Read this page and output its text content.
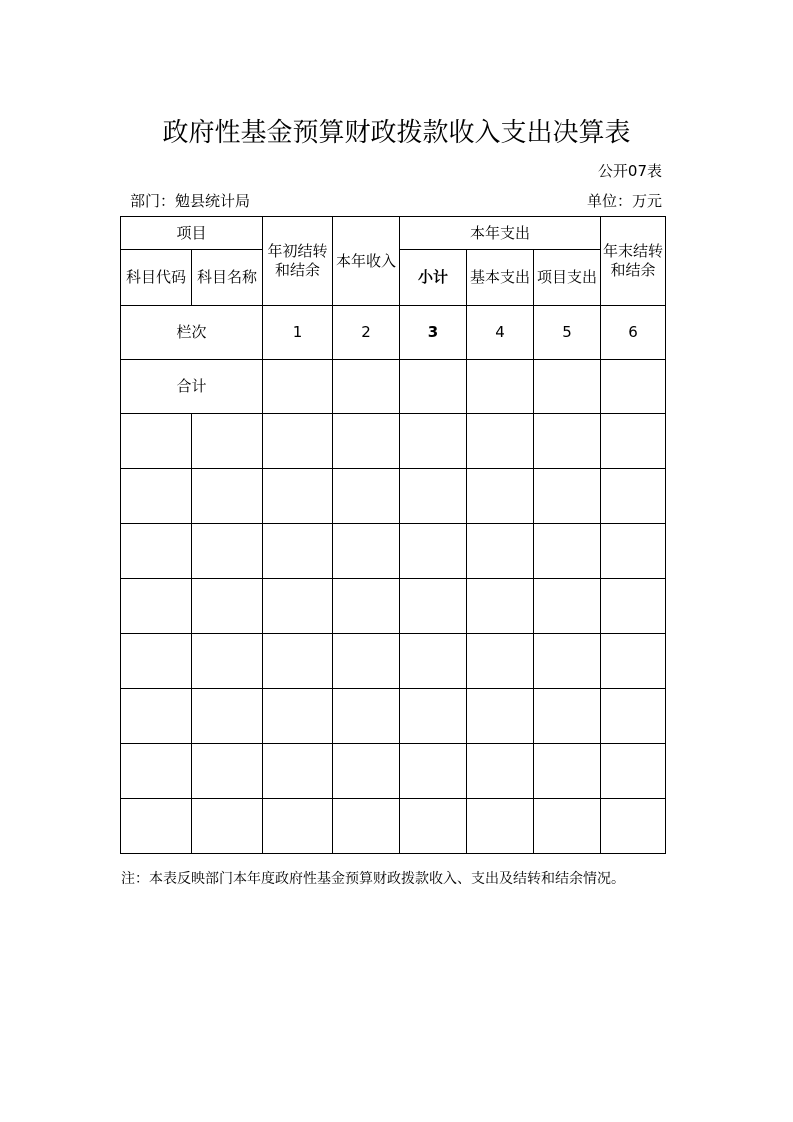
政府性基金预算财政拨款收入支出决算表
公开07表
部门：勉县统计局	单位：万元
项目		年初结转和结余	本年收入	本年支出			年末结转和结余
科目代码	科目名称			小计	基本支出	项目支出	
栏次		1	2	3	4	5	6
合计							

注：本表反映部门本年度政府性基金预算财政拨款收入、支出及结转和结余情况。
